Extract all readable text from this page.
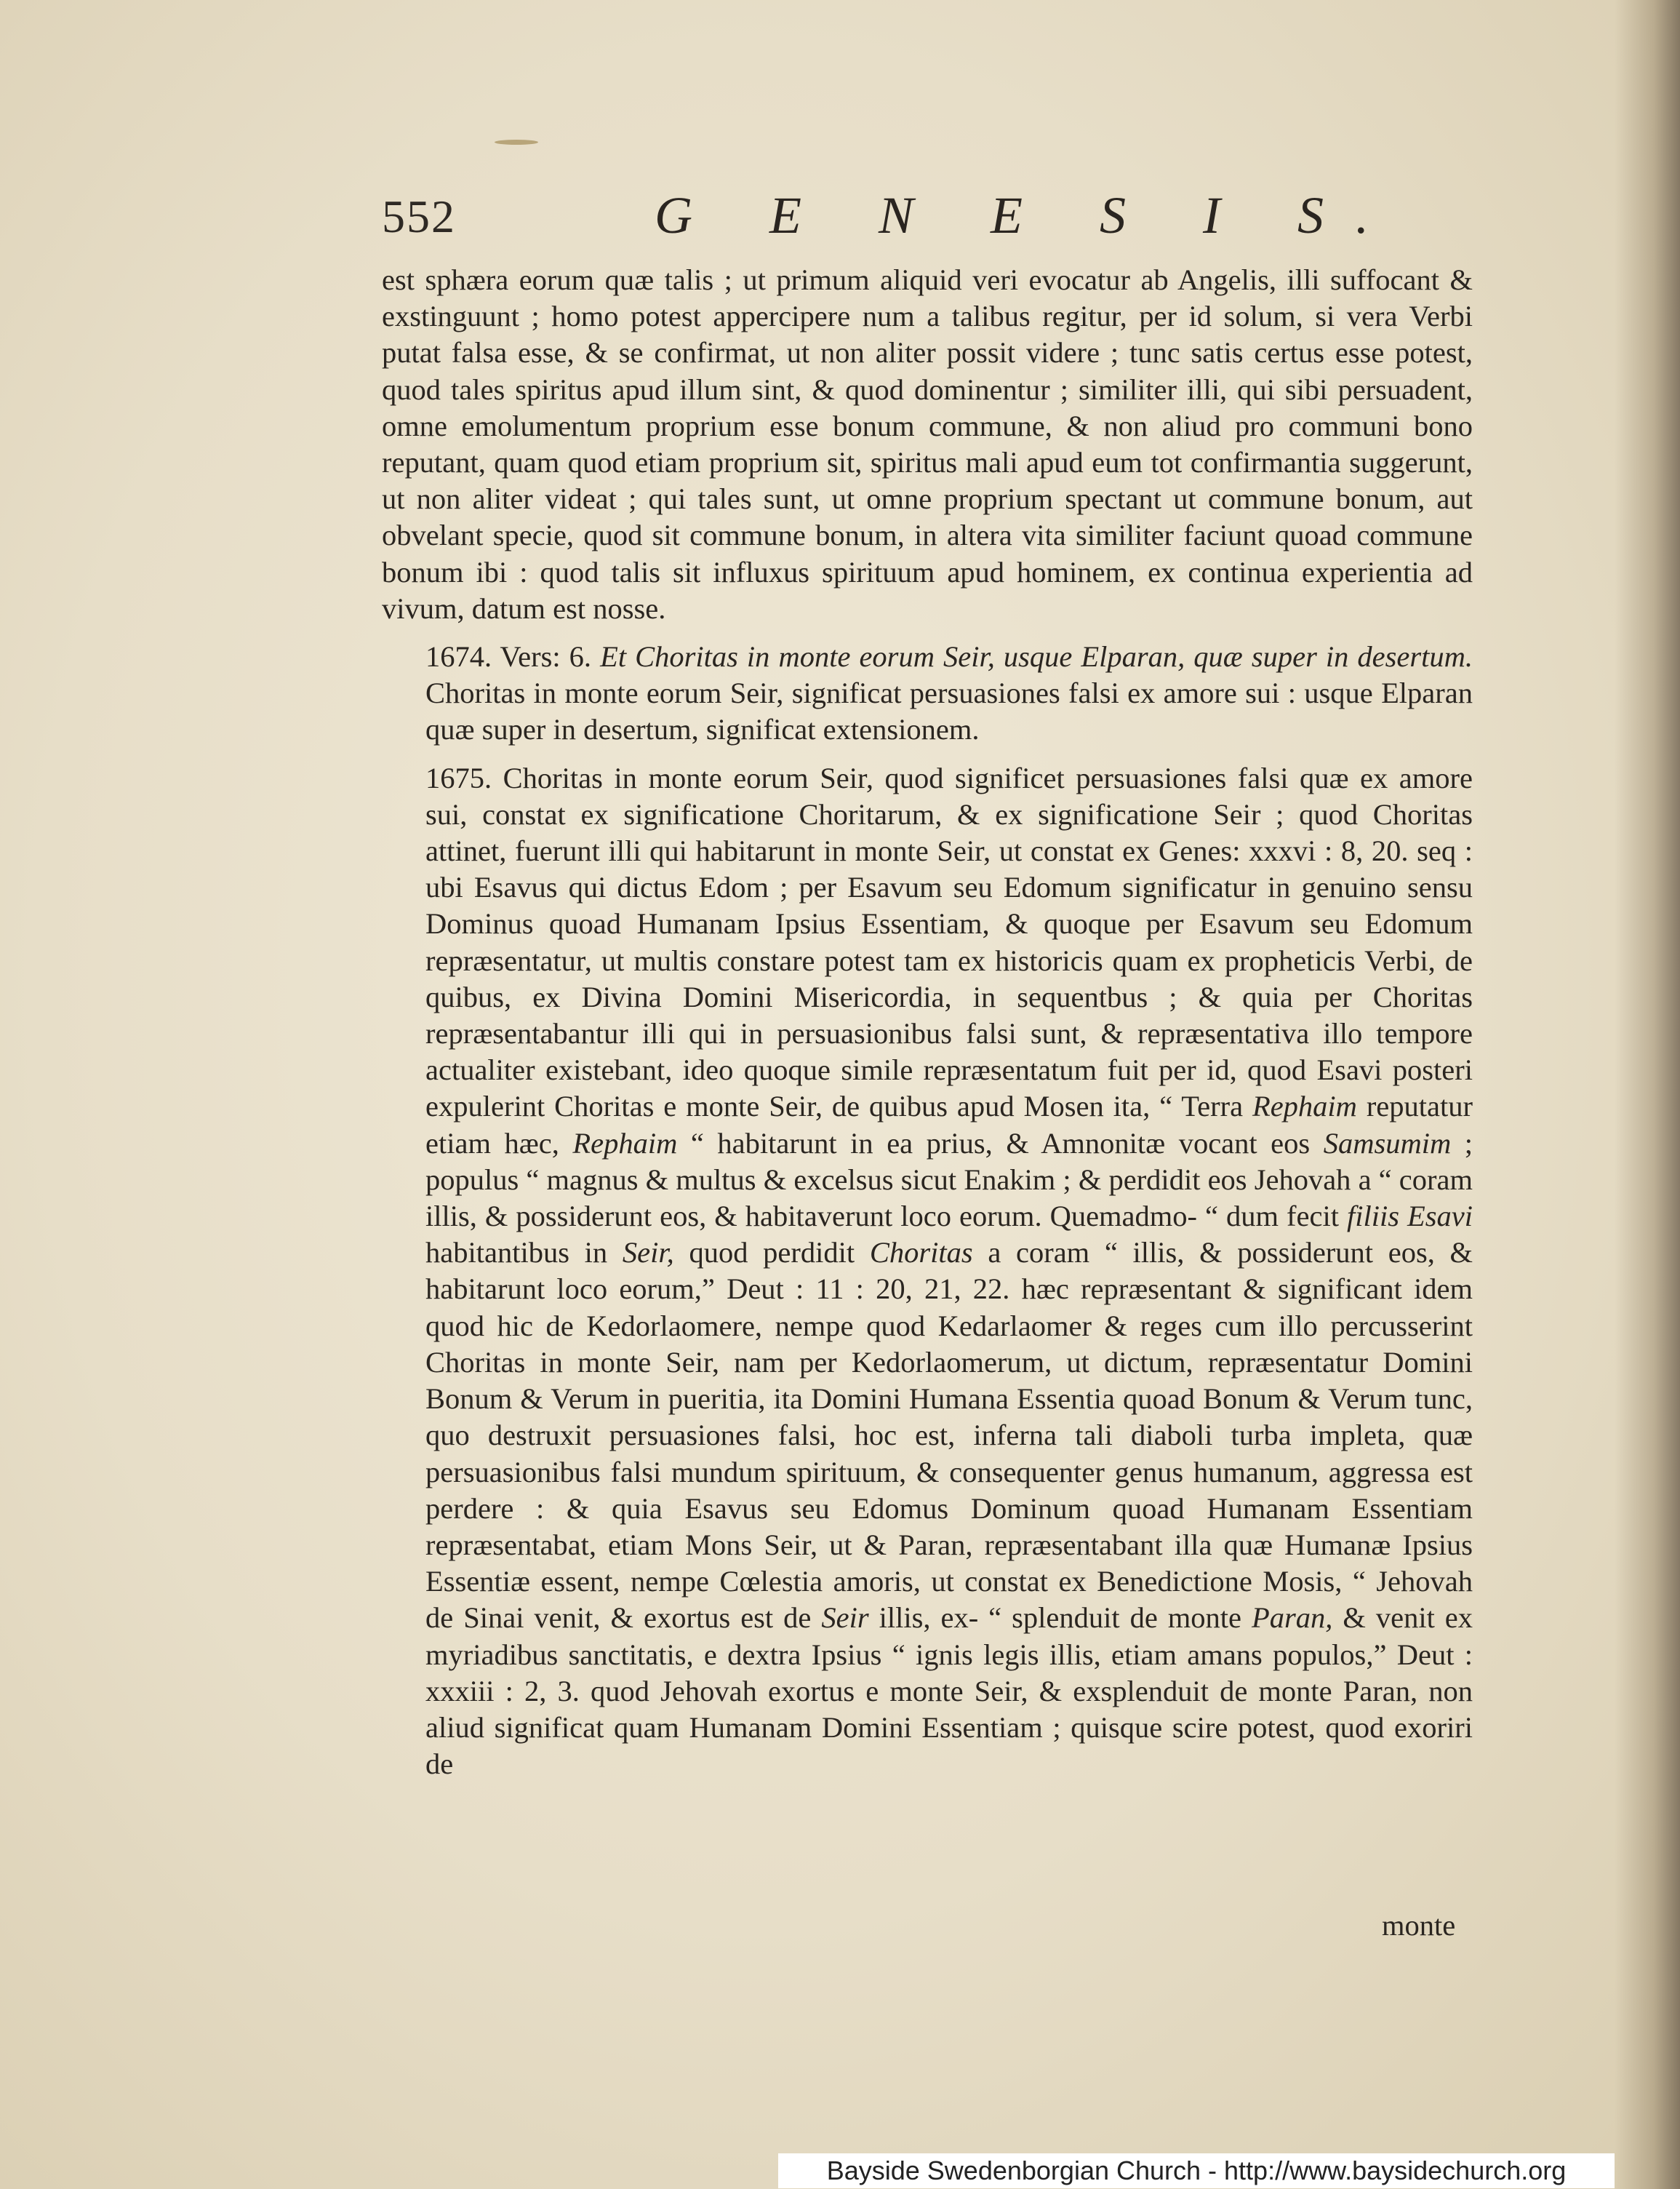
552	G E N E S I S.

est sphæra eorum quæ talis ; ut primum aliquid veri evocatur ab Angelis, illi suffocant & exstinguunt ; homo potest appercipere num a talibus regitur, per id solum, si vera Verbi putat falsa esse, & se confirmat, ut non aliter possit videre ; tunc satis certus esse potest, quod tales spiritus apud illum sint, & quod dominentur ; similiter illi, qui sibi persuadent, omne emolumentum proprium esse bonum commune, & non aliud pro communi bono reputant, quam quod etiam proprium sit, spiritus mali apud eum tot confirmantia suggerunt, ut non aliter videat ; qui tales sunt, ut omne proprium spectant ut commune bonum, aut obvelant specie, quod sit commune bonum, in altera vita similiter faciunt quoad commune bonum ibi : quod talis sit influxus spirituum apud hominem, ex continua experientia ad vivum, datum est nosse.

1674. Vers: 6. Et Choritas in monte eorum Seir, usque Elparan, quæ super in desertum. Choritas in monte eorum Seir, significat persuasiones falsi ex amore sui : usque Elparan quæ super in desertum, significat extensionem.

1675. Choritas in monte eorum Seir, quod significet persuasiones falsi quæ ex amore sui, constat ex significatione Choritarum, & ex significatione Seir ; quod Choritas attinet, fuerunt illi qui habitarunt in monte Seir, ut constat ex Genes: xxxvi : 8, 20. seq : ubi Esavus qui dictus Edom ; per Esavum seu Edomum significatur in genuino sensu Dominus quoad Humanam Ipsius Essentiam, & quoque per Esavum seu Edomum repræsentatur, ut multis constare potest tam ex historicis quam ex propheticis Verbi, de quibus, ex Divina Domini Misericordia, in sequentbus ; & quia per Choritas repræsentabantur illi qui in persuasionibus falsi sunt, & repræsentativa illo tempore actualiter existebant, ideo quoque simile repræsentatum fuit per id, quod Esavi posteri expulerint Choritas e monte Seir, de quibus apud Mosen ita, “ Terra Rephaim reputatur etiam hæc, Rephaim “ habitarunt in ea prius, & Amnonitæ vocant eos Samsumim ; populus “ magnus & multus & excelsus sicut Enakim ; & perdidit eos Jehovah a “ coram illis, & possiderunt eos, & habitaverunt loco eorum. Quemadmo- “ dum fecit filiis Esavi habitantibus in Seir, quod perdidit Choritas a coram “ illis, & possiderunt eos, & habitarunt loco eorum,” Deut : 11 : 20, 21, 22. hæc repræsentant & significant idem quod hic de Kedorlaomere, nempe quod Kedarlaomer & reges cum illo percusserint Choritas in monte Seir, nam per Kedorlaomerum, ut dictum, repræsentatur Domini Bonum & Verum in pueritia, ita Domini Humana Essentia quoad Bonum & Verum tunc, quo destruxit persuasiones falsi, hoc est, inferna tali diaboli turba impleta, quæ persuasionibus falsi mundum spirituum, & consequenter genus humanum, aggressa est perdere : & quia Esavus seu Edomus Dominum quoad Humanam Essentiam repræsentabat, etiam Mons Seir, ut & Paran, repræsentabant illa quæ Humanæ Ipsius Essentiæ essent, nempe Cœlestia amoris, ut constat ex Benedictione Mosis, “ Jehovah de Sinai venit, & exortus est de Seir illis, ex- “ splenduit de monte Paran, & venit ex myriadibus sanctitatis, e dextra Ipsius “ ignis legis illis, etiam amans populos,” Deut : xxxiii : 2, 3. quod Jehovah exortus e monte Seir, & exsplenduit de monte Paran, non aliud significat quam Humanam Domini Essentiam ; quisque scire potest, quod exoriri de

monte
Bayside Swedenborgian Church - http://www.baysidechurch.org
